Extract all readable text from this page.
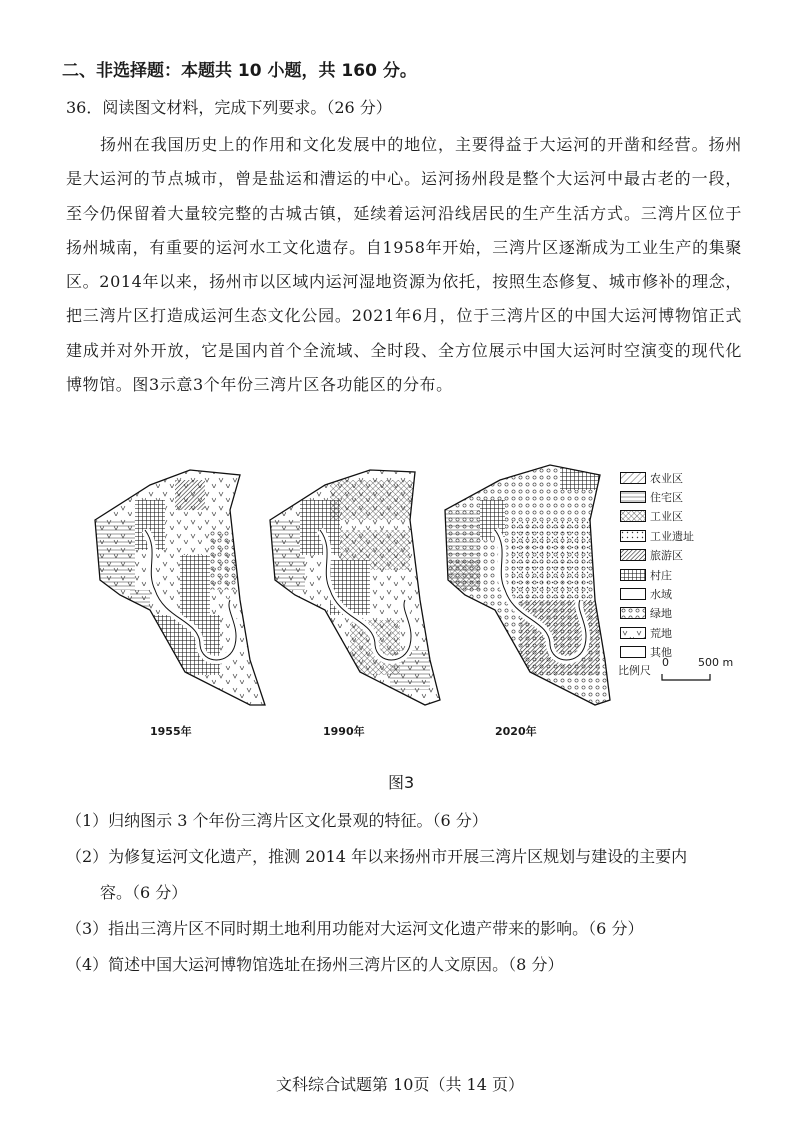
二、非选择题：本题共 10 小题，共 160 分。
36．阅读图文材料，完成下列要求。（26 分）
扬州在我国历史上的作用和文化发展中的地位，主要得益于大运河的开凿和经营。扬州是大运河的节点城市，曾是盐运和漕运的中心。运河扬州段是整个大运河中最古老的一段，至今仍保留着大量较完整的古城古镇，延续着运河沿线居民的生产生活方式。三湾片区位于扬州城南，有重要的运河水工文化遗存。自1958年开始，三湾片区逐渐成为工业生产的集聚区。2014年以来，扬州市以区域内运河湿地资源为依托，按照生态修复、城市修补的理念，把三湾片区打造成运河生态文化公园。2021年6月，位于三湾片区的中国大运河博物馆正式建成并对外开放，它是国内首个全流域、全时段、全方位展示中国大运河时空演变的现代化博物馆。图3示意3个年份三湾片区各功能区的分布。
1955年	1990年	2020年
农业区
住宅区
工业区
工业遗址
旅游区
村庄
水域
绿地
荒地
其他
比例尺
0	500 m
图3
（1）归纳图示 3 个年份三湾片区文化景观的特征。（6 分）
（2）为修复运河文化遗产，推测 2014 年以来扬州市开展三湾片区规划与建设的主要内
容。（6 分）
（3）指出三湾片区不同时期土地利用功能对大运河文化遗产带来的影响。（6 分）
（4）简述中国大运河博物馆选址在扬州三湾片区的人文原因。（8 分）
文科综合试题第 10页（共 14 页）
